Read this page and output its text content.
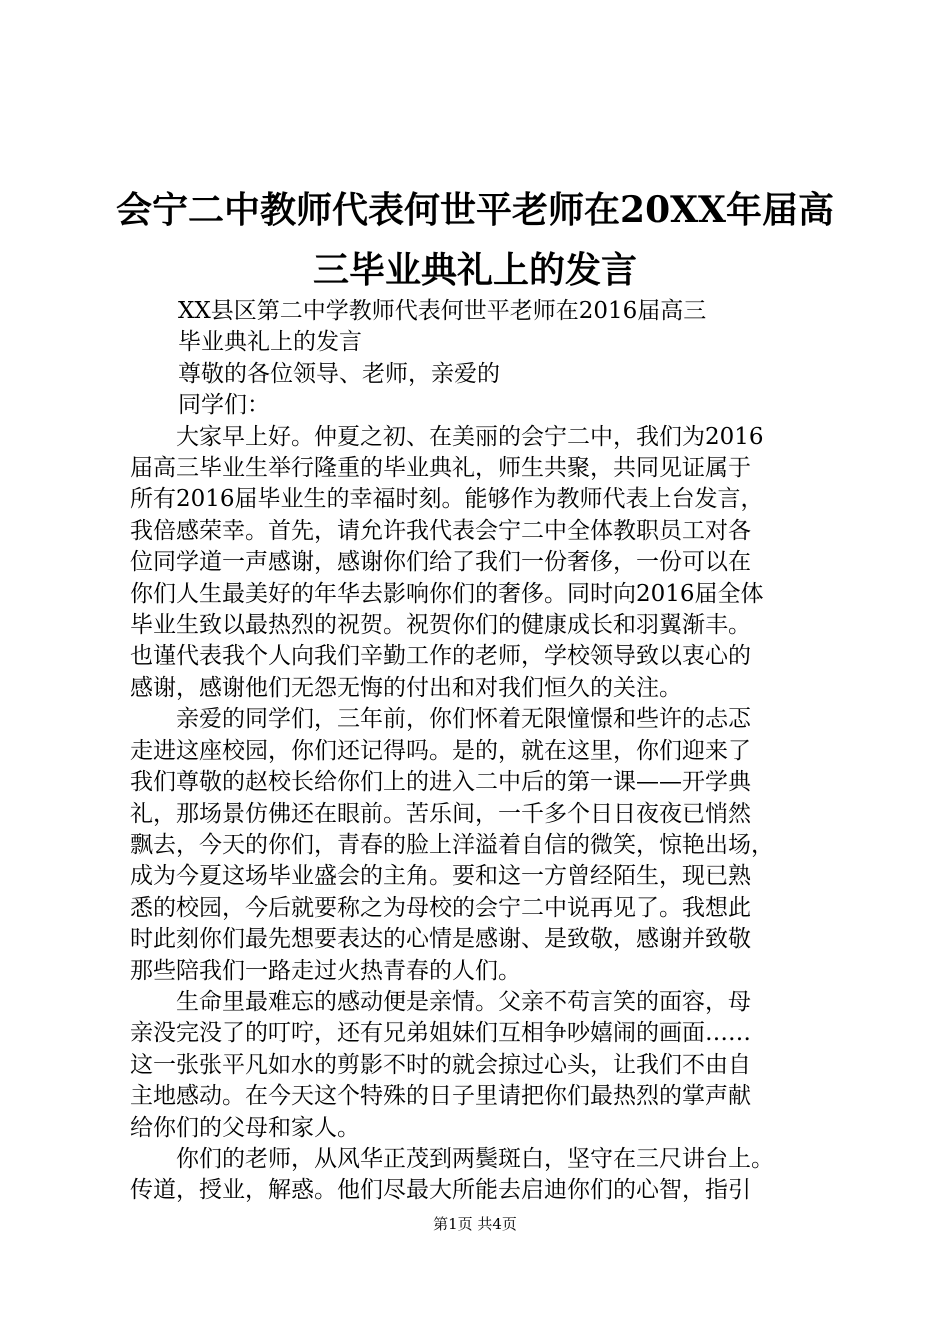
会宁二中教师代表何世平老师在20XX年届高
三毕业典礼上的发言

XX县区第二中学教师代表何世平老师在2016届高三

毕业典礼上的发言

尊敬的各位领导、老师，亲爱的

同学们：

　　大家早上好。仲夏之初、在美丽的会宁二中，我们为2016

届高三毕业生举行隆重的毕业典礼，师生共聚，共同见证属于

所有2016届毕业生的幸福时刻。能够作为教师代表上台发言，

我倍感荣幸。首先，请允许我代表会宁二中全体教职员工对各

位同学道一声感谢，感谢你们给了我们一份奢侈，一份可以在

你们人生最美好的年华去影响你们的奢侈。同时向2016届全体

毕业生致以最热烈的祝贺。祝贺你们的健康成长和羽翼渐丰。

也谨代表我个人向我们辛勤工作的老师，学校领导致以衷心的

感谢，感谢他们无怨无悔的付出和对我们恒久的关注。

　　亲爱的同学们，三年前，你们怀着无限憧憬和些许的忐忑

走进这座校园，你们还记得吗。是的，就在这里，你们迎来了

我们尊敬的赵校长给你们上的进入二中后的第一课——开学典

礼，那场景仿佛还在眼前。苦乐间，一千多个日日夜夜已悄然

飘去，今天的你们，青春的脸上洋溢着自信的微笑，惊艳出场，

成为今夏这场毕业盛会的主角。要和这一方曾经陌生，现已熟

悉的校园，今后就要称之为母校的会宁二中说再见了。我想此

时此刻你们最先想要表达的心情是感谢、是致敬，感谢并致敬

那些陪我们一路走过火热青春的人们。

　　生命里最难忘的感动便是亲情。父亲不苟言笑的面容，母

亲没完没了的叮咛，还有兄弟姐妹们互相争吵嬉闹的画面……

这一张张平凡如水的剪影不时的就会掠过心头，让我们不由自

主地感动。在今天这个特殊的日子里请把你们最热烈的掌声献

给你们的父母和家人。

　　你们的老师，从风华正茂到两鬓斑白，坚守在三尺讲台上。

传道，授业，解惑。他们尽最大所能去启迪你们的心智，指引

第1页 共4页
